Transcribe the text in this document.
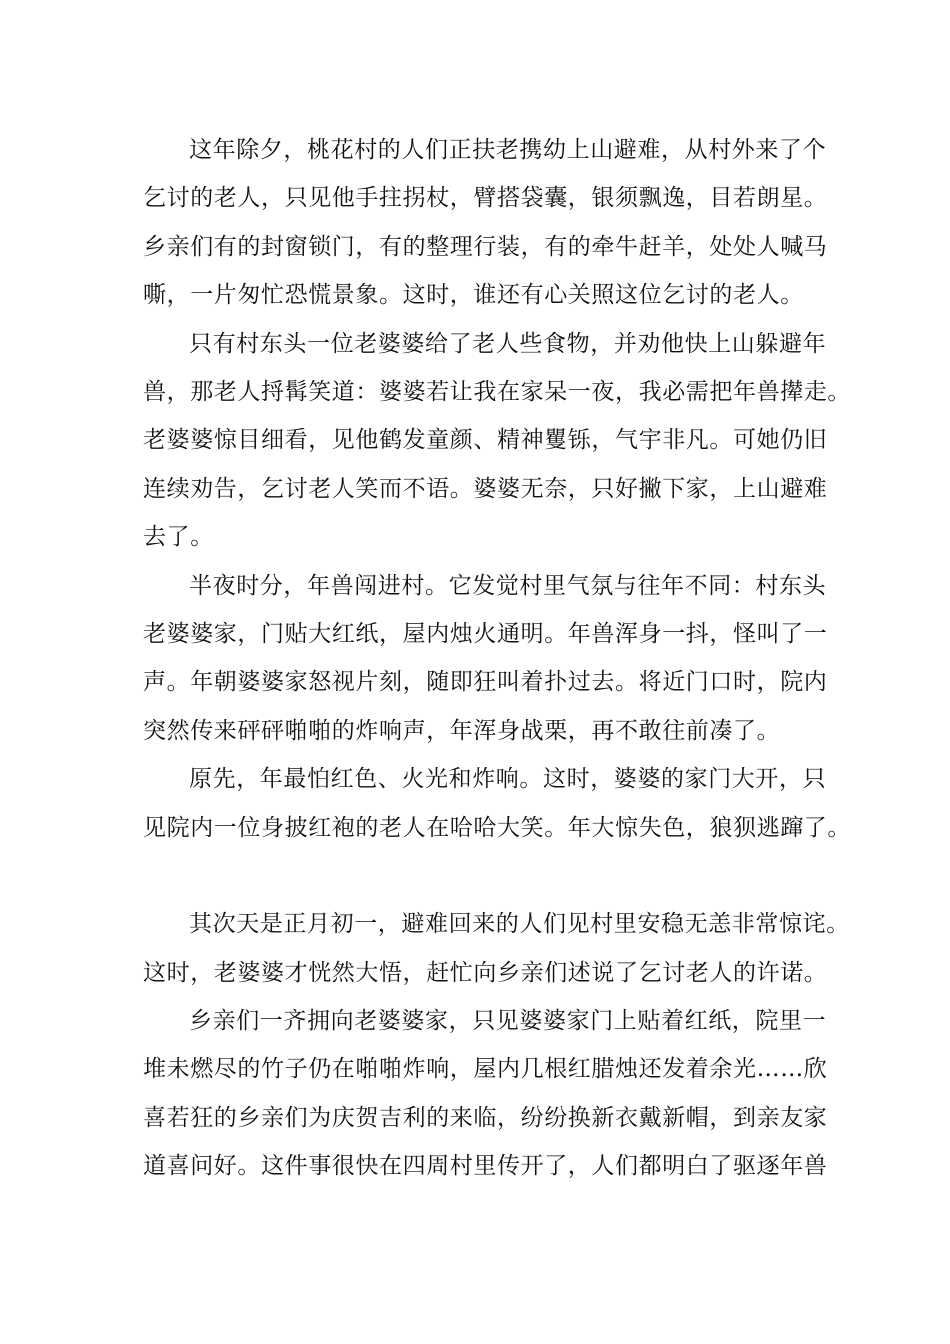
这年除夕，桃花村的人们正扶老携幼上山避难，从村外来了个
乞讨的老人，只见他手拄拐杖，臂搭袋囊，银须飘逸，目若朗星。
乡亲们有的封窗锁门，有的整理行装，有的牵牛赶羊，处处人喊马
嘶，一片匆忙恐慌景象。这时，谁还有心关照这位乞讨的老人。

只有村东头一位老婆婆给了老人些食物，并劝他快上山躲避年
兽，那老人捋髯笑道：婆婆若让我在家呆一夜，我必需把年兽撵走。
老婆婆惊目细看，见他鹤发童颜、精神矍铄，气宇非凡。可她仍旧
连续劝告，乞讨老人笑而不语。婆婆无奈，只好撇下家，上山避难
去了。

半夜时分，年兽闯进村。它发觉村里气氛与往年不同：村东头
老婆婆家，门贴大红纸，屋内烛火通明。年兽浑身一抖，怪叫了一
声。年朝婆婆家怒视片刻，随即狂叫着扑过去。将近门口时，院内
突然传来砰砰啪啪的炸响声，年浑身战栗，再不敢往前凑了。

原先，年最怕红色、火光和炸响。这时，婆婆的家门大开，只
见院内一位身披红袍的老人在哈哈大笑。年大惊失色，狼狈逃蹿了。

其次天是正月初一，避难回来的人们见村里安稳无恙非常惊诧。
这时，老婆婆才恍然大悟，赶忙向乡亲们述说了乞讨老人的许诺。

乡亲们一齐拥向老婆婆家，只见婆婆家门上贴着红纸，院里一
堆未燃尽的竹子仍在啪啪炸响，屋内几根红腊烛还发着余光……欣
喜若狂的乡亲们为庆贺吉利的来临，纷纷换新衣戴新帽，到亲友家
道喜问好。这件事很快在四周村里传开了，人们都明白了驱逐年兽
